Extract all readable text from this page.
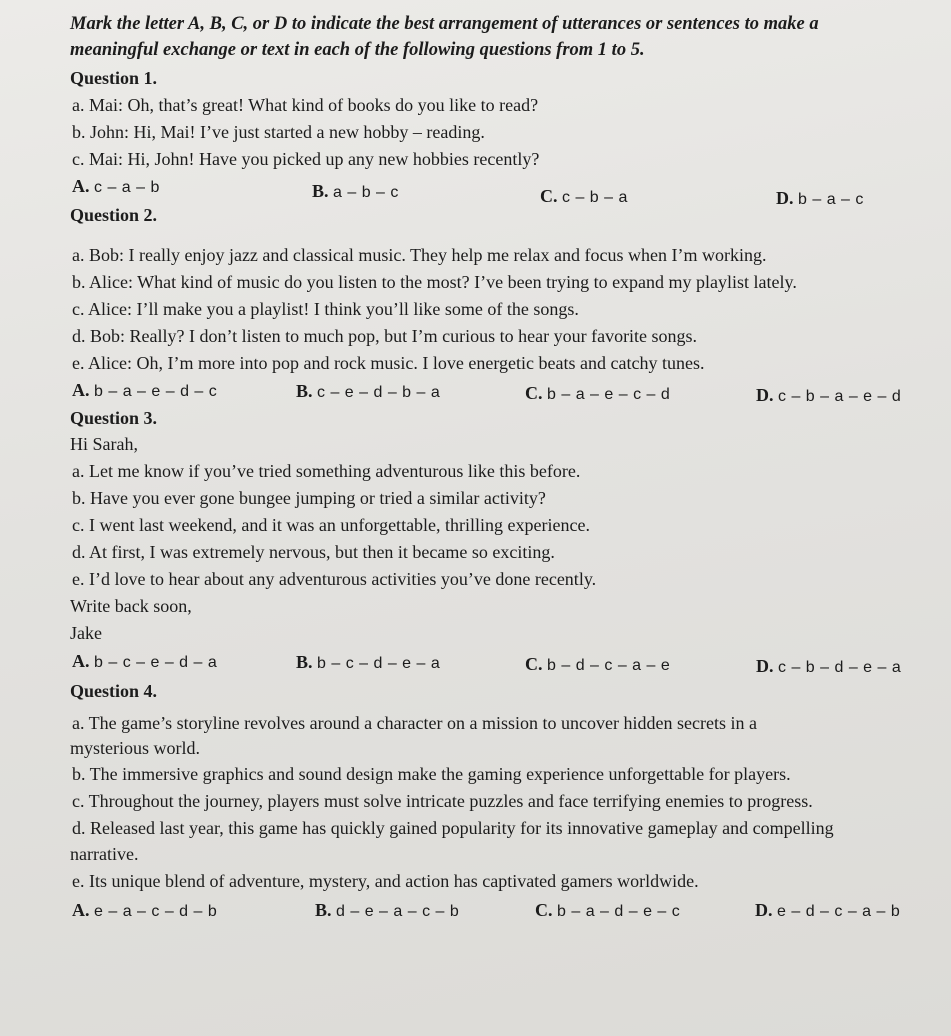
Mark the letter A, B, C, or D to indicate the best arrangement of utterances or sentences to make a
meaningful exchange or text in each of the following questions from 1 to 5.
Question 1.
a. Mai: Oh, that’s great! What kind of books do you like to read?
b. John: Hi, Mai! I’ve just started a new hobby – reading.
c. Mai: Hi, John! Have you picked up any new hobbies recently?
A. c – a – b	B. a – b – c	C. c – b – a	D. b – a – c
Question 2.
a. Bob: I really enjoy jazz and classical music. They help me relax and focus when I’m working.
b. Alice: What kind of music do you listen to the most? I’ve been trying to expand my playlist lately.
c. Alice: I’ll make you a playlist! I think you’ll like some of the songs.
d. Bob: Really? I don’t listen to much pop, but I’m curious to hear your favorite songs.
e. Alice: Oh, I’m more into pop and rock music. I love energetic beats and catchy tunes.
A. b – a – e – d – c	B. c – e – d – b – a	C. b – a – e – c – d	D. c – b – a – e – d
Question 3.
Hi Sarah,
a. Let me know if you’ve tried something adventurous like this before.
b. Have you ever gone bungee jumping or tried a similar activity?
c. I went last weekend, and it was an unforgettable, thrilling experience.
d. At first, I was extremely nervous, but then it became so exciting.
e. I’d love to hear about any adventurous activities you’ve done recently.
Write back soon,
Jake
A. b – c – e – d – a	B. b – c – d – e – a	C. b – d – c – a – e	D. c – b – d – e – a
Question 4.
a. The game’s storyline revolves around a character on a mission to uncover hidden secrets in a
mysterious world.
b. The immersive graphics and sound design make the gaming experience unforgettable for players.
c. Throughout the journey, players must solve intricate puzzles and face terrifying enemies to progress.
d. Released last year, this game has quickly gained popularity for its innovative gameplay and compelling
narrative.
e. Its unique blend of adventure, mystery, and action has captivated gamers worldwide.
A. e – a – c – d – b	B. d – e – a – c – b	C. b – a – d – e – c	D. e – d – c – a – b
